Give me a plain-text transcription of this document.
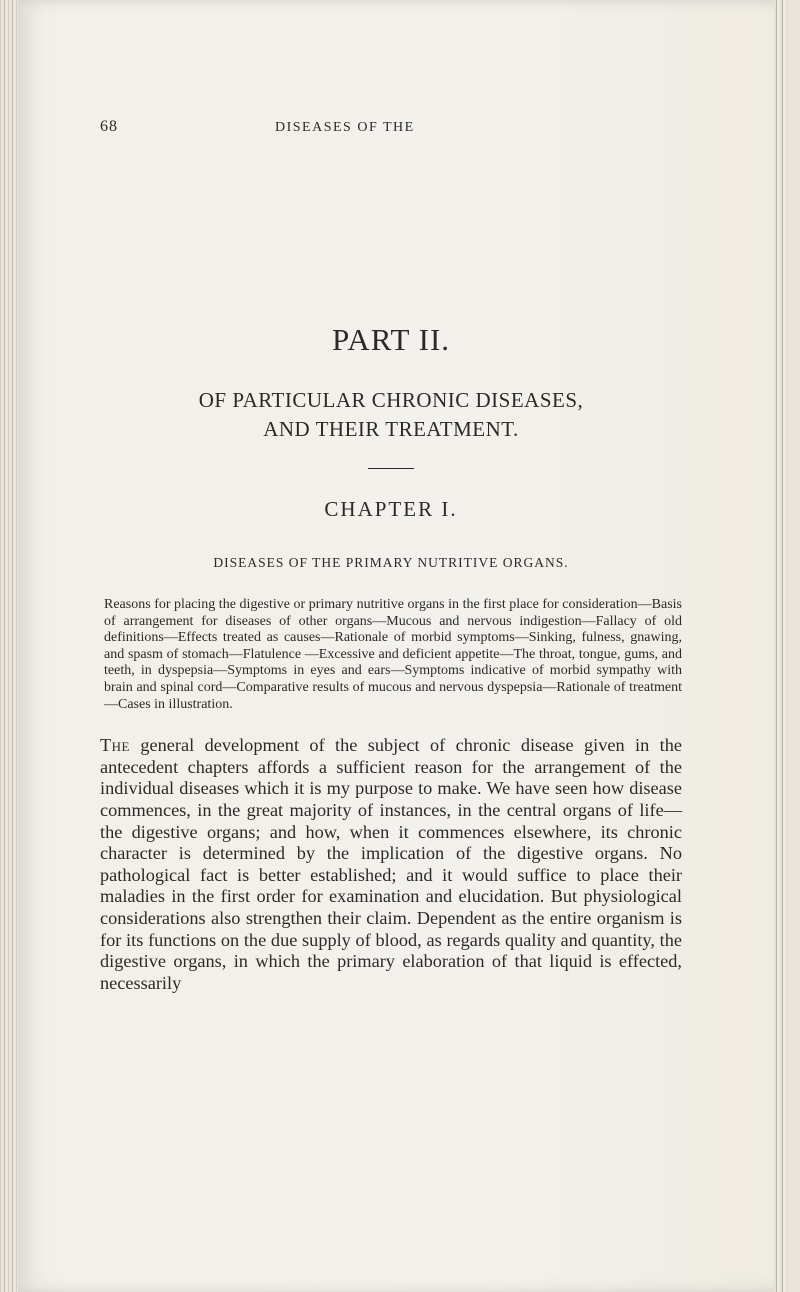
68	DISEASES OF THE
PART II.
OF PARTICULAR CHRONIC DISEASES,
AND THEIR TREATMENT.
CHAPTER I.
DISEASES OF THE PRIMARY NUTRITIVE ORGANS.

Reasons for placing the digestive or primary nutritive organs in the first place for consideration—Basis of arrangement for diseases of other organs—Mucous and nervous indigestion—Fallacy of old definitions—Effects treated as causes—Rationale of morbid symptoms—Sinking, fulness, gnawing, and spasm of stomach—Flatulence —Excessive and deficient appetite—The throat, tongue, gums, and teeth, in dyspepsia—Symptoms in eyes and ears—Symptoms indicative of morbid sympathy with brain and spinal cord—Comparative results of mucous and nervous dyspepsia—Rationale of treatment —Cases in illustration.

The general development of the subject of chronic disease given in the antecedent chapters affords a sufficient reason for the arrangement of the individual diseases which it is my purpose to make. We have seen how disease commences, in the great majority of instances, in the central organs of life—the digestive organs; and how, when it commences elsewhere, its chronic character is determined by the implication of the digestive organs. No pathological fact is better established; and it would suffice to place their maladies in the first order for examination and elucidation. But physiological considerations also strengthen their claim. Dependent as the entire organism is for its functions on the due supply of blood, as regards quality and quantity, the digestive organs, in which the primary elaboration of that liquid is effected, necessarily
